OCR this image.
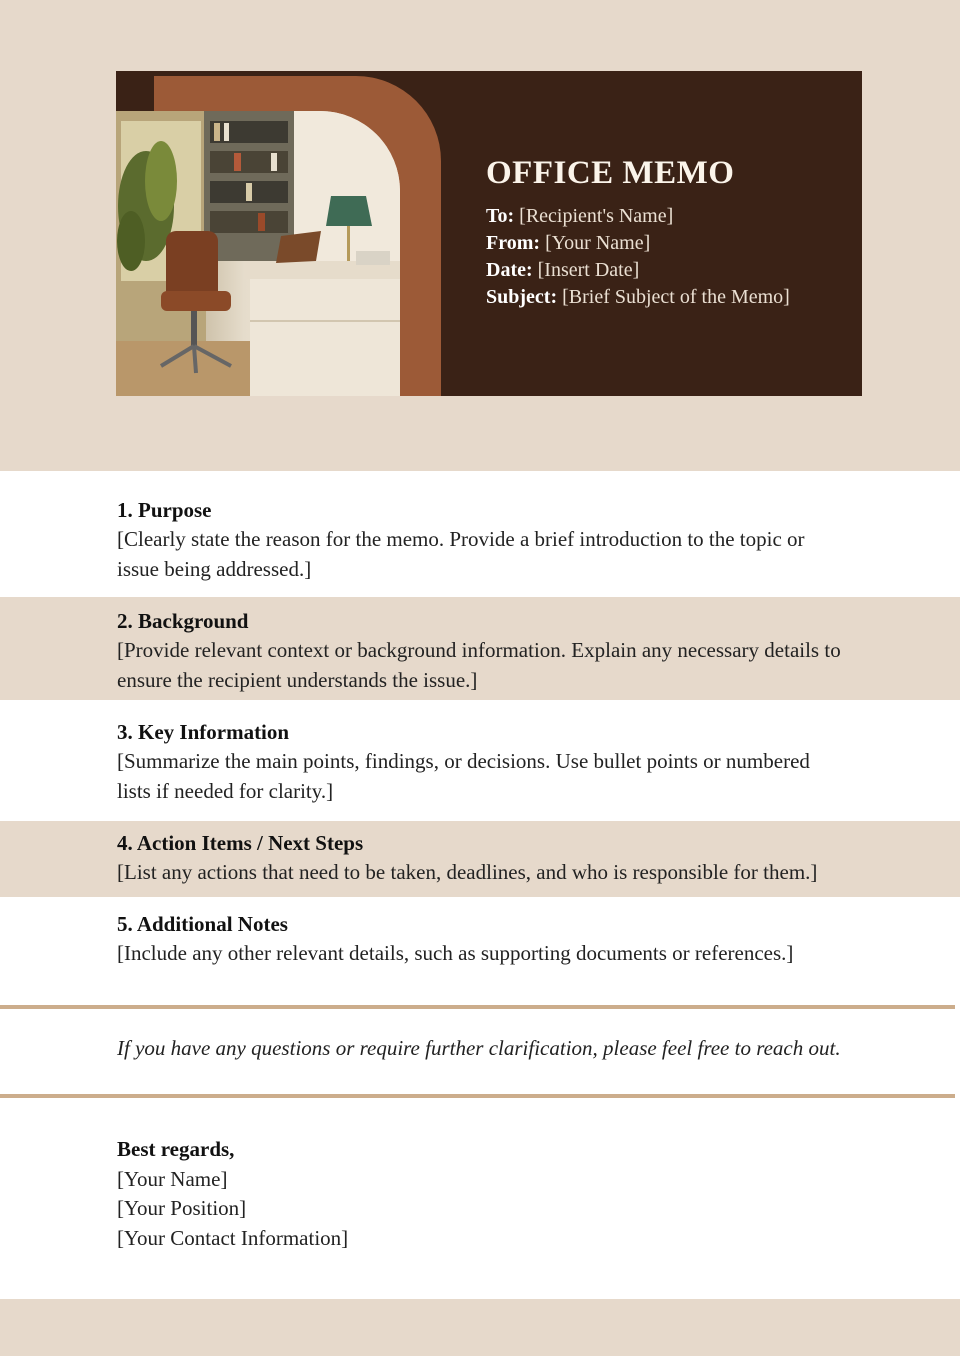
OFFICE MEMO
To: [Recipient's Name]
From: [Your Name]
Date: [Insert Date]
Subject: [Brief Subject of the Memo]
1. Purpose

[Clearly state the reason for the memo. Provide a brief introduction to the topic or issue being addressed.]

2. Background

[Provide relevant context or background information. Explain any necessary details to ensure the recipient understands the issue.]

3. Key Information

[Summarize the main points, findings, or decisions. Use bullet points or numbered lists if needed for clarity.]

4. Action Items / Next Steps

[List any actions that need to be taken, deadlines, and who is responsible for them.]

5. Additional Notes

[Include any other relevant details, such as supporting documents or references.]

If you have any questions or require further clarification, please feel free to reach out.

Best regards,
[Your Name]
[Your Position]
[Your Contact Information]
